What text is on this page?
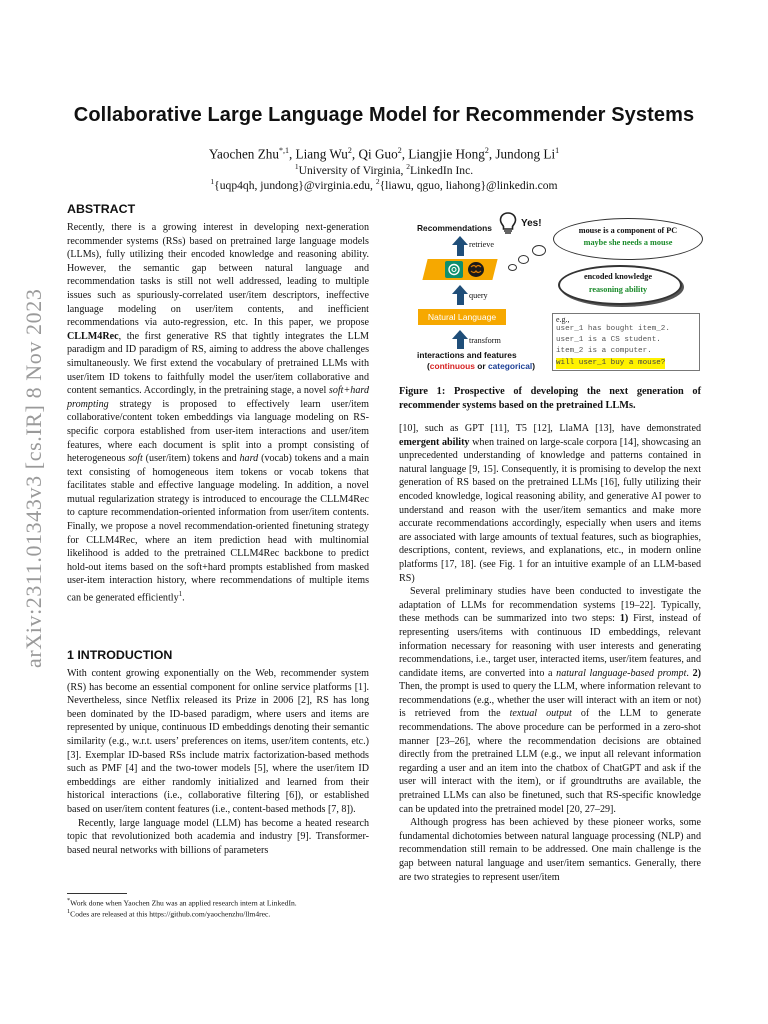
arXiv:2311.01343v3 [cs.IR] 8 Nov 2023
Collaborative Large Language Model for Recommender Systems
Yaochen Zhu$^{*,1}$, Liang Wu$^2$, Qi Guo$^2$, Liangjie Hong$^2$, Jundong Li$^1$
$^1$University of Virginia, $^2$LinkedIn Inc.
$^1${uqp4qh, jundong}@virginia.edu, $^2${liawu, qguo, liahong}@linkedin.com
ABSTRACT

Recently, there is a growing interest in developing next-generation recommender systems (RSs) based on pretrained large language models (LLMs), fully utilizing their encoded knowledge and reasoning ability. However, the semantic gap between natural language and recommendation tasks is still not well addressed, leading to multiple issues such as spuriously-correlated user/item descriptors, ineffective language modeling on user/item contents, and inefficient recommendations via auto-regression, etc. In this paper, we propose CLLM4Rec, the first generative RS that tightly integrates the LLM paradigm and ID paradigm of RS, aiming to address the above challenges simultaneously. We first extend the vocabulary of pretrained LLMs with user/item ID tokens to faithfully model the user/item collaborative and content semantics. Accordingly, in the pretraining stage, a novel soft+hard prompting strategy is proposed to effectively learn user/item collaborative/content token embeddings via language modeling on RS-specific corpora established from user-item interactions and user/item features, where each document is split into a prompt consisting of heterogeneous soft (user/item) tokens and hard (vocab) tokens and a main text consisting of homogeneous item tokens or vocab tokens that facilitates stable and effective language modeling. In addition, a novel mutual regularization strategy is introduced to encourage the CLLM4Rec to capture recommendation-oriented information from user/item contents. Finally, we propose a novel recommendation-oriented finetuning strategy for CLLM4Rec, where an item prediction head with multinomial likelihood is added to the pretrained CLLM4Rec backbone to predict hold-out items based on the soft+hard prompts established from masked user-item interaction history, where recommendations of multiple items can be generated efficiently$^1$.

1 INTRODUCTION

With content growing exponentially on the Web, recommender system (RS) has become an essential component for online service platforms [1]. Nevertheless, since Netflix released its Prize in 2006 [2], RS has long been dominated by the ID-based paradigm, where users and items are represented by unique, continuous ID embeddings denoting their semantic similarity (e.g., w.r.t. users’ preferences on items, user/item contents, etc.) [3]. Exemplar ID-based RSs include matrix factorization-based methods such as PMF [4] and the two-tower models [5], where the user/item ID embeddings are either randomly initialized and learned from their historical interactions (i.e., collaborative filtering [6]), or established based on user/item content features (i.e., content-based methods [7, 8]).

Recently, large language model (LLM) has become a heated research topic that revolutionized both academia and industry [9]. Transformer-based neural networks with billions of parameters

*Work done when Yaochen Zhu was an applied research intern at LinkedIn.
$^1$Codes are released at this https://github.com/yaochenzhu/llm4rec.
Recommendations	Yes!
retrieve
query
Natural Language
transform
interactions and features
(continuous or categorical)
mouse is a component of PC
maybe she needs a mouse
encoded knowledge
reasoning ability
e.g.,
user_1 has bought item_2.
user_1 is a CS student.
item_2 is a computer.
will user_1 buy a mouse?
Figure 1: Prospective of developing the next generation of recommender systems based on the pretrained LLMs.

[10], such as GPT [11], T5 [12], LlaMA [13], have demonstrated emergent ability when trained on large-scale corpora [14], showcasing an unprecedented understanding of knowledge and patterns contained in natural language [9, 15]. Consequently, it is promising to develop the next generation of RS based on the pretrained LLMs [16], fully utilizing their encoded knowledge, logical reasoning ability, and generative AI power to understand and reason with the user/item semantics and make more accurate recommendations accordingly, especially when users and items are associated with large amounts of textual features, such as biographies, descriptions, content, reviews, and explanations, etc., in modern online platforms [17, 18]. (see Fig. 1 for an intuitive example of an LLM-based RS)

Several preliminary studies have been conducted to investigate the adaptation of LLMs for recommendation systems [19–22]. Typically, these methods can be summarized into two steps: 1) First, instead of representing users/items with continuous ID embeddings, relevant information necessary for reasoning with user interests and generating recommendations, i.e., target user, interacted items, user/item features, and candidate items, are converted into a natural language-based prompt. 2) Then, the prompt is used to query the LLM, where information relevant to recommendations (e.g., whether the user will interact with an item or not) is retrieved from the textual output of the LLM to generate recommendations. The above procedure can be performed in a zero-shot manner [23–26], where the recommendation decisions are obtained directly from the pretrained LLM (e.g., we input all relevant information regarding a user and an item into the chatbox of ChatGPT and ask if the user will interact with the item), or if groundtruths are available, the pretrained LLMs can also be finetuned, such that RS-specific knowledge can be updated into the pretrained model [20, 27–29].

Although progress has been achieved by these pioneer works, some fundamental dichotomies between natural language processing (NLP) and recommendation still remain to be addressed. One main challenge is the gap between natural language and user/item semantics. Generally, there are two strategies to represent user/item
